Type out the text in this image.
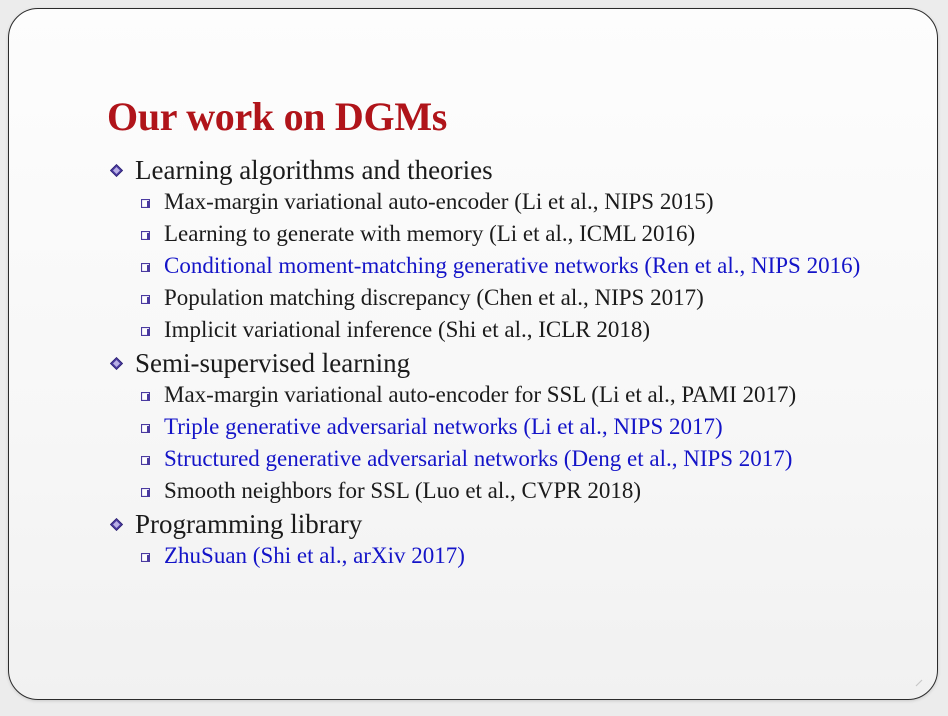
Our work on DGMs
Learning algorithms and theories
Max-margin variational auto-encoder (Li et al., NIPS 2015)
Learning to generate with memory (Li et al., ICML 2016)
Conditional moment-matching generative networks (Ren et al., NIPS 2016)
Population matching discrepancy (Chen et al., NIPS 2017)
Implicit variational inference (Shi et al., ICLR 2018)
Semi-supervised learning
Max-margin variational auto-encoder for SSL (Li et al., PAMI 2017)
Triple generative adversarial networks (Li et al., NIPS 2017)
Structured generative adversarial networks (Deng et al., NIPS 2017)
Smooth neighbors for SSL (Luo et al., CVPR 2018)
Programming library
ZhuSuan (Shi et al., arXiv 2017)
